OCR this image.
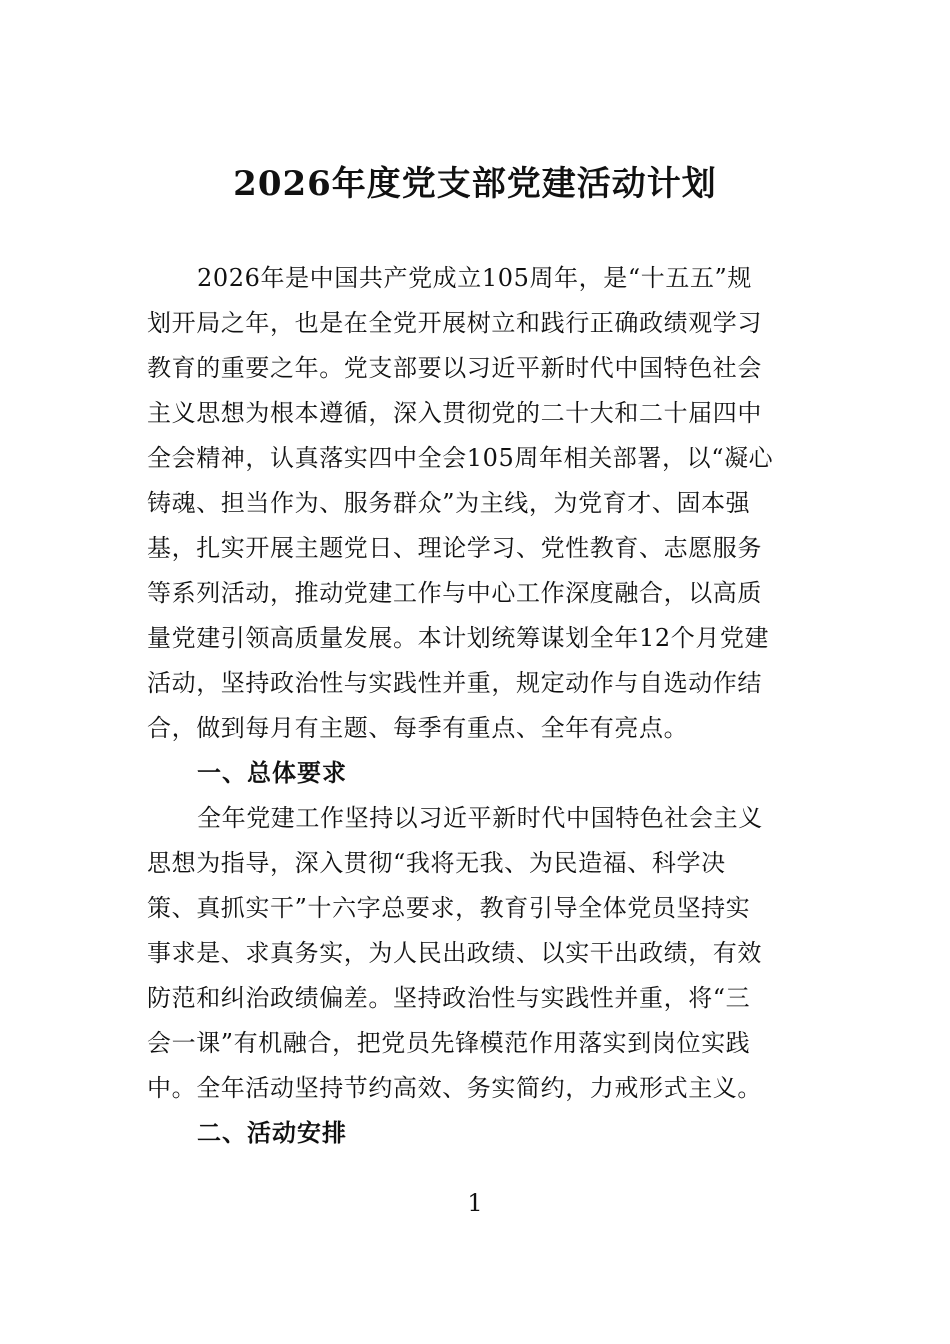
2026年度党支部党建活动计划
2026年是中国共产党成立105周年，是“十五五”规
划开局之年，也是在全党开展树立和践行正确政绩观学习
教育的重要之年。党支部要以习近平新时代中国特色社会
主义思想为根本遵循，深入贯彻党的二十大和二十届四中
全会精神，认真落实四中全会105周年相关部署，以“凝心
铸魂、担当作为、服务群众”为主线，为党育才、固本强
基，扎实开展主题党日、理论学习、党性教育、志愿服务
等系列活动，推动党建工作与中心工作深度融合，以高质
量党建引领高质量发展。本计划统筹谋划全年12个月党建
活动，坚持政治性与实践性并重，规定动作与自选动作结
合，做到每月有主题、每季有重点、全年有亮点。
一、总体要求
全年党建工作坚持以习近平新时代中国特色社会主义
思想为指导，深入贯彻“我将无我、为民造福、科学决
策、真抓实干”十六字总要求，教育引导全体党员坚持实
事求是、求真务实，为人民出政绩、以实干出政绩，有效
防范和纠治政绩偏差。坚持政治性与实践性并重，将“三
会一课”有机融合，把党员先锋模范作用落实到岗位实践
中。全年活动坚持节约高效、务实简约，力戒形式主义。
二、活动安排
1
